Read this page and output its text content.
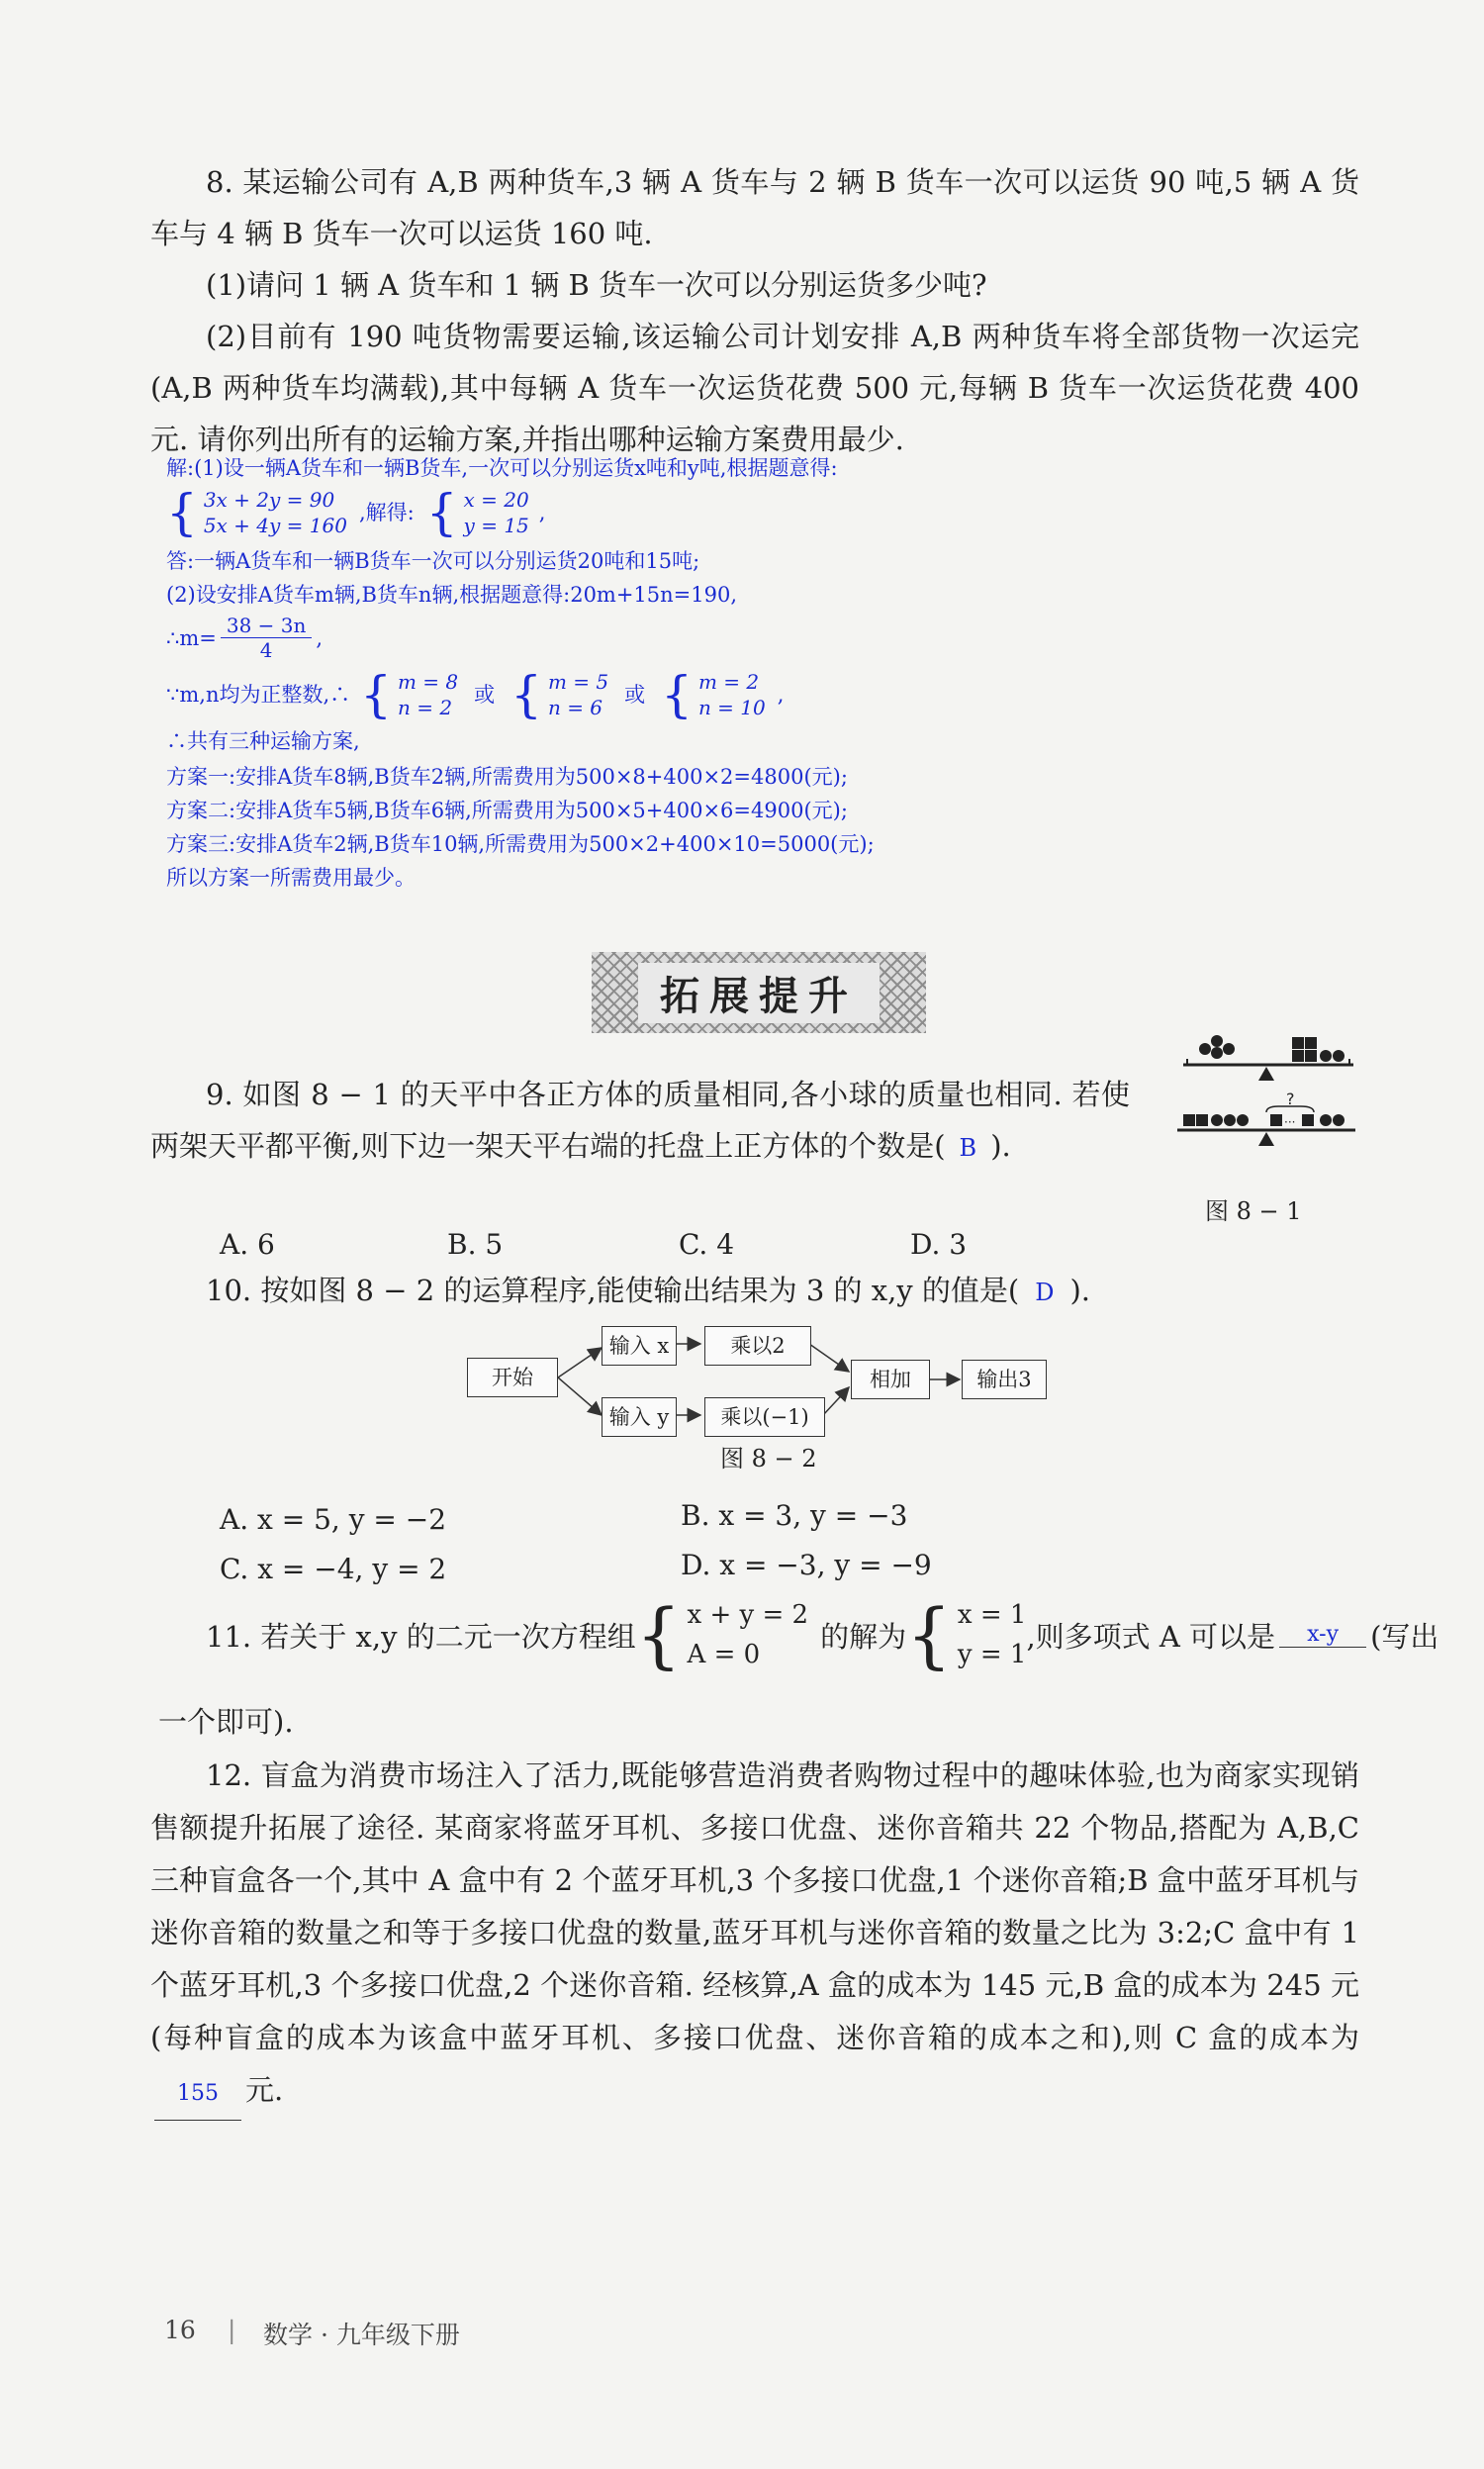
8. 某运输公司有 A,B 两种货车,3 辆 A 货车与 2 辆 B 货车一次可以运货 90 吨,5 辆 A 货车与 4 辆 B 货车一次可以运货 160 吨.
(1)请问 1 辆 A 货车和 1 辆 B 货车一次可以分别运货多少吨?
(2)目前有 190 吨货物需要运输,该运输公司计划安排 A,B 两种货车将全部货物一次运完(A,B 两种货车均满载),其中每辆 A 货车一次运货花费 500 元,每辆 B 货车一次运货花费 400 元. 请你列出所有的运输方案,并指出哪种运输方案费用最少.
解:(1)设一辆A货车和一辆B货车,一次可以分别运货x吨和y吨,根据题意得:
{ 3x + 2y = 90
5x + 4y = 160
,解得: { x = 20
y = 15
,
答:一辆A货车和一辆B货车一次可以分别运货20吨和15吨;
(2)设安排A货车m辆,B货车n辆,根据题意得:20m+15n=190,
∴m= $\frac{38 - 3n}{4}$ ,
∵m,n均为正整数,∴ { m = 8
n = 2
或 { m = 5
n = 6
或 { m = 2
n = 10
,
∴共有三种运输方案,
方案一:安排A货车8辆,B货车2辆,所需费用为500×8+400×2=4800(元);
方案二:安排A货车5辆,B货车6辆,所需费用为500×5+400×6=4900(元);
方案三:安排A货车2辆,B货车10辆,所需费用为500×2+400×10=5000(元);
所以方案一所需费用最少。
拓展提升
9. 如图 8 − 1 的天平中各正方体的质量相同,各小球的质量也相同. 若使两架天平都平衡,则下边一架天平右端的托盘上正方体的个数是( B ).
?
···
图 8 − 1
A. 6	B. 5	C. 4	D. 3
10. 按如图 8 − 2 的运算程序,能使输出结果为 3 的 x,y 的值是( D ).
开始
输入 x
输入 y
乘以2
乘以(−1)
相加	输出3
图 8 − 2
A. x = 5, y = −2	B. x = 3, y = −3
C. x = −4, y = 2	D. x = −3, y = −9
11. 若关于 x,y 的二元一次方程组 { x + y = 2
A = 0
的解为 { x = 1
y = 1
,则多项式 A 可以是	x-y	(写出
一个即可).
12. 盲盒为消费市场注入了活力,既能够营造消费者购物过程中的趣味体验,也为商家实现销售额提升拓展了途径. 某商家将蓝牙耳机、多接口优盘、迷你音箱共 22 个物品,搭配为 A,B,C 三种盲盒各一个,其中 A 盒中有 2 个蓝牙耳机,3 个多接口优盘,1 个迷你音箱;B 盒中蓝牙耳机与迷你音箱的数量之和等于多接口优盘的数量,蓝牙耳机与迷你音箱的数量之比为 3:2;C 盒中有 1 个蓝牙耳机,3 个多接口优盘,2 个迷你音箱. 经核算,A 盒的成本为 145 元,B 盒的成本为 245 元(每种盲盒的成本为该盒中蓝牙耳机、多接口优盘、迷你音箱的成本之和),则 C 盒的成本为155 元.
16 | 数学 · 九年级下册
